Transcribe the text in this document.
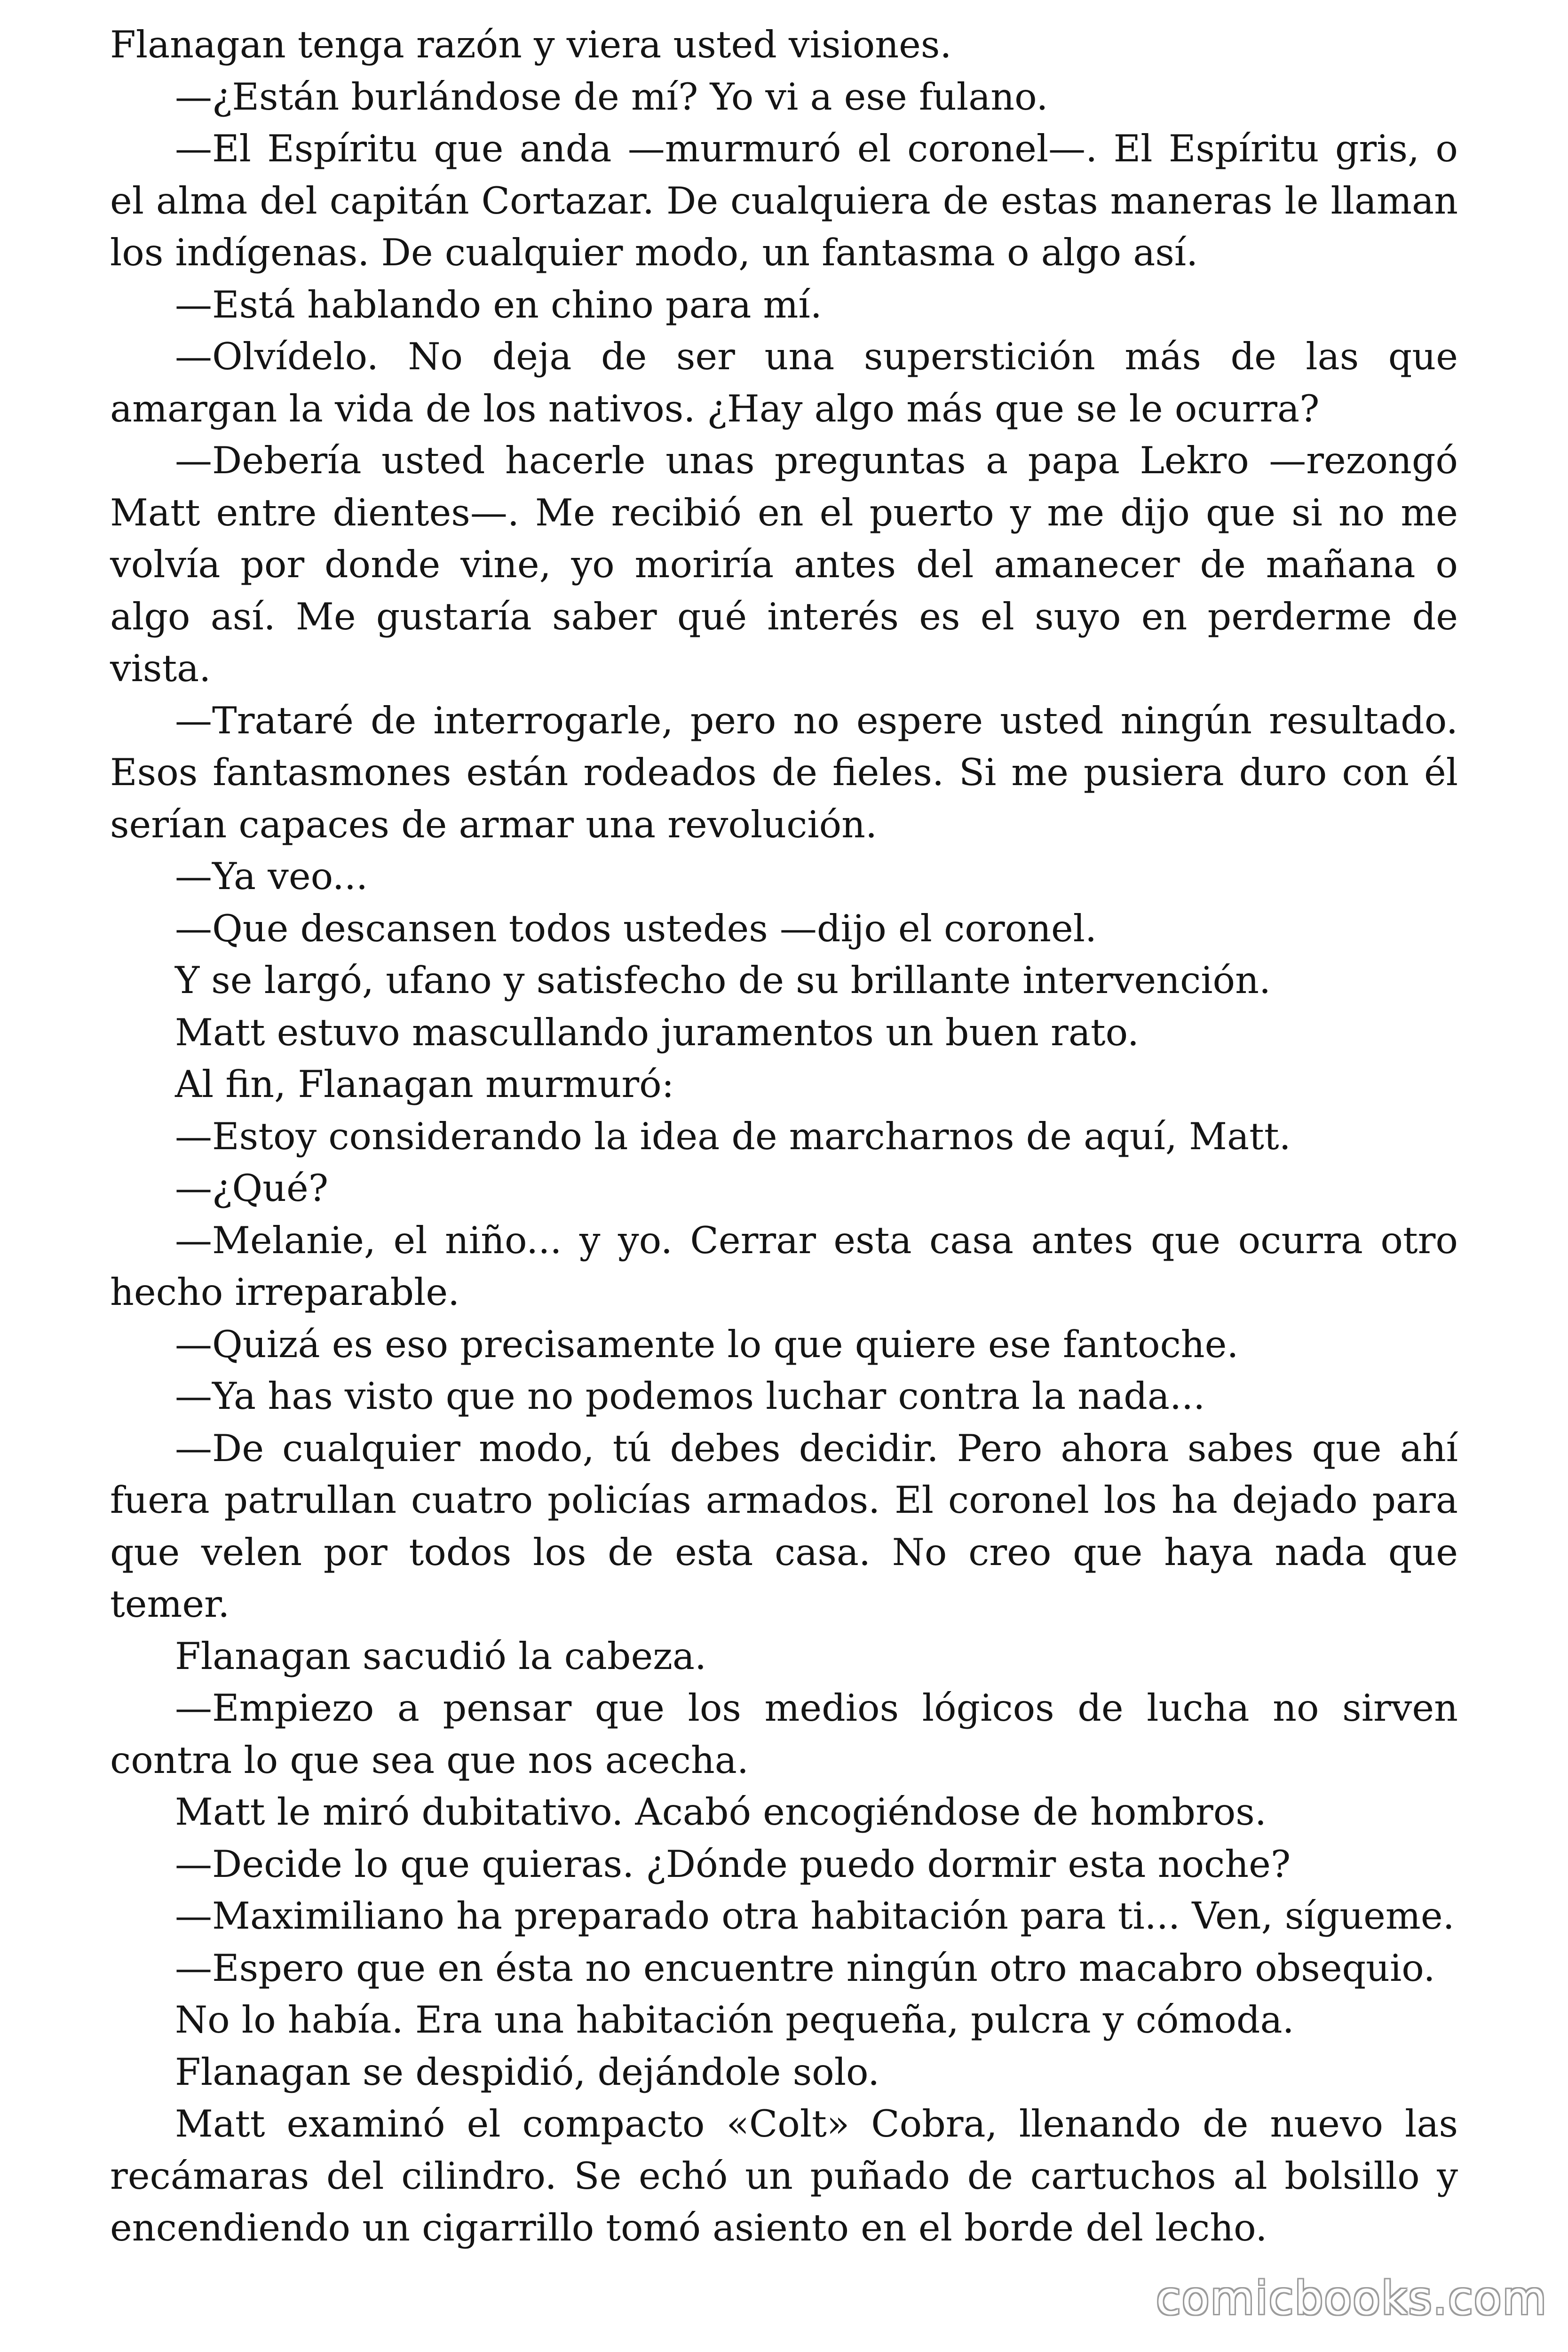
Flanagan tenga razón y viera usted visiones.

—¿Están burlándose de mí? Yo vi a ese fulano.

—El Espíritu que anda —murmuró el coronel—. El Espíritu gris, o el alma del capitán Cortazar. De cualquiera de estas maneras le llaman los indígenas. De cualquier modo, un fantasma o algo así.

—Está hablando en chino para mí.

—Olvídelo. No deja de ser una superstición más de las que amargan la vida de los nativos. ¿Hay algo más que se le ocurra?

—Debería usted hacerle unas preguntas a papa Lekro —rezongó Matt entre dientes—. Me recibió en el puerto y me dijo que si no me volvía por donde vine, yo moriría antes del amanecer de mañana o algo así. Me gustaría saber qué interés es el suyo en perderme de vista.

—Trataré de interrogarle, pero no espere usted ningún resultado. Esos fantasmones están rodeados de fieles. Si me pusiera duro con él serían capaces de armar una revolución.

—Ya veo...

—Que descansen todos ustedes —dijo el coronel.

Y se largó, ufano y satisfecho de su brillante intervención.

Matt estuvo mascullando juramentos un buen rato.

Al fin, Flanagan murmuró:

—Estoy considerando la idea de marcharnos de aquí, Matt.

—¿Qué?

—Melanie, el niño... y yo. Cerrar esta casa antes que ocurra otro hecho irreparable.

—Quizá es eso precisamente lo que quiere ese fantoche.

—Ya has visto que no podemos luchar contra la nada...

—De cualquier modo, tú debes decidir. Pero ahora sabes que ahí fuera patrullan cuatro policías armados. El coronel los ha dejado para que velen por todos los de esta casa. No creo que haya nada que temer.

Flanagan sacudió la cabeza.

—Empiezo a pensar que los medios lógicos de lucha no sirven contra lo que sea que nos acecha.

Matt le miró dubitativo. Acabó encogiéndose de hombros.

—Decide lo que quieras. ¿Dónde puedo dormir esta noche?

—Maximiliano ha preparado otra habitación para ti... Ven, sígueme.

—Espero que en ésta no encuentre ningún otro macabro obsequio.

No lo había. Era una habitación pequeña, pulcra y cómoda.

Flanagan se despidió, dejándole solo.

Matt examinó el compacto «Colt» Cobra, llenando de nuevo las recámaras del cilindro. Se echó un puñado de cartuchos al bolsillo y encendiendo un cigarrillo tomó asiento en el borde del lecho.

comicbooks.com
